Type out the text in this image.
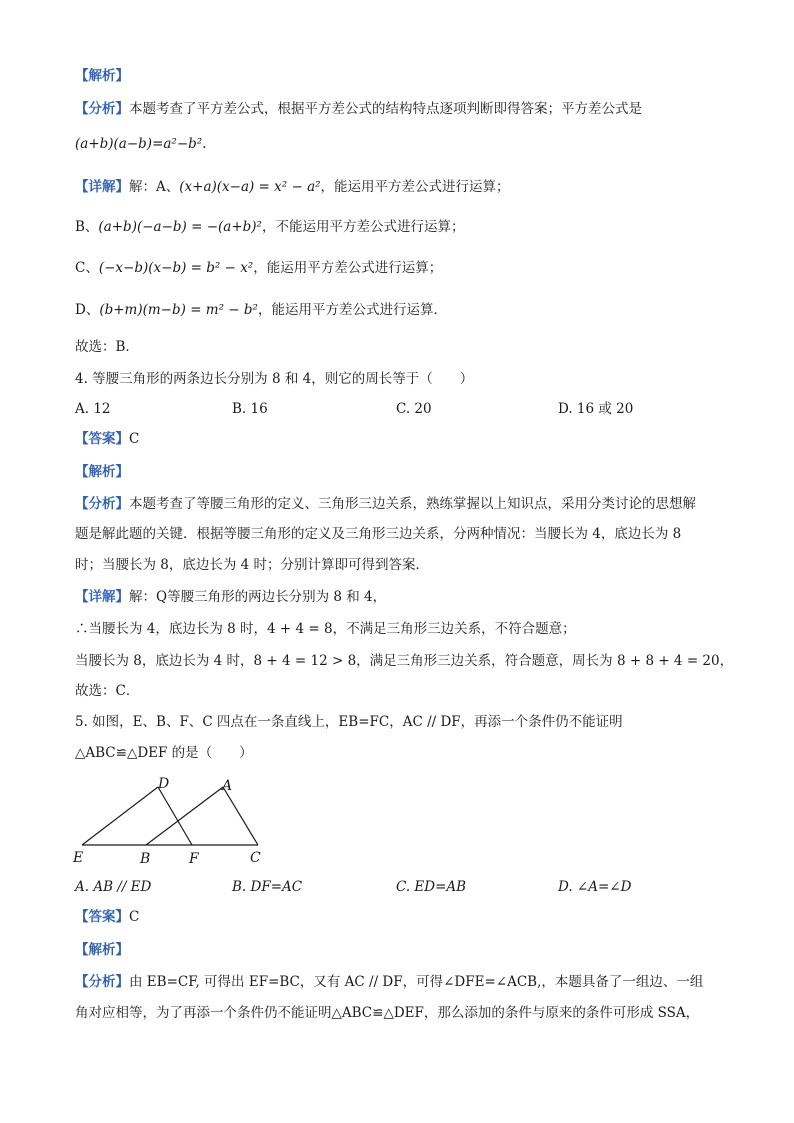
【解析】
【分析】本题考查了平方差公式，根据平方差公式的结构特点逐项判断即得答案；平方差公式是
(a+b)(a−b)=a²−b².
【详解】解：A、(x+a)(x−a) = x² − a²，能运用平方差公式进行运算；
B、(a+b)(−a−b) = −(a+b)²，不能运用平方差公式进行运算；
C、(−x−b)(x−b) = b² − x²，能运用平方差公式进行运算；
D、(b+m)(m−b) = m² − b²，能运用平方差公式进行运算．
故选：B．
4. 等腰三角形的两条边长分别为 8 和 4，则它的周长等于（　　）
A. 12	B. 16	C. 20	D. 16 或 20
【答案】C
【解析】
【分析】本题考查了等腰三角形的定义、三角形三边关系，熟练掌握以上知识点，采用分类讨论的思想解
题是解此题的关键．根据等腰三角形的定义及三角形三边关系，分两种情况：当腰长为 4，底边长为 8
时；当腰长为 8，底边长为 4 时；分别计算即可得到答案．
【详解】解：Q等腰三角形的两边长分别为 8 和 4，
∴当腰长为 4，底边长为 8 时，4 + 4 = 8，不满足三角形三边关系，不符合题意；
当腰长为 8，底边长为 4 时，8 + 4 = 12 > 8，满足三角形三边关系，符合题意，周长为 8 + 8 + 4 = 20，
故选：C．
5. 如图，E、B、F、C 四点在一条直线上，EB=FC，AC // DF，再添一个条件仍不能证明
△ABC≌△DEF 的是（　　）
D	A
E	B	F	C
A. AB // ED	B. DF=AC	C. ED=AB	D. ∠A=∠D
【答案】C
【解析】
【分析】由 EB=CF, 可得出 EF=BC，又有 AC // DF，可得∠DFE=∠ACB,，本题具备了一组边、一组
角对应相等，为了再添一个条件仍不能证明△ABC≌△DEF，那么添加的条件与原来的条件可形成 SSA，
